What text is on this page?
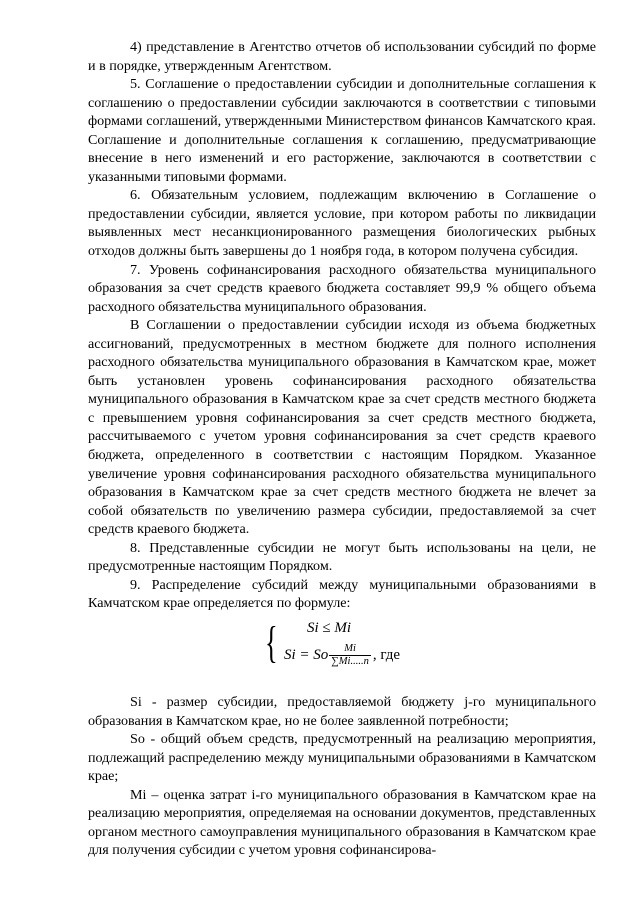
4) представление в Агентство отчетов об использовании субсидий по форме и в порядке, утвержденным Агентством.

5. Соглашение о предоставлении субсидии и дополнительные соглашения к соглашению о предоставлении субсидии заключаются в соответствии с типовыми формами соглашений, утвержденными Министерством финансов Камчатского края. Соглашение и дополнительные соглашения к соглашению, предусматривающие внесение в него изменений и его расторжение, заключаются в соответствии с указанными типовыми формами.

6. Обязательным условием, подлежащим включению в Соглашение о предоставлении субсидии, является условие, при котором работы по ликвидации выявленных мест несанкционированного размещения биологических рыбных отходов должны быть завершены до 1 ноября года, в котором получена субсидия.

7. Уровень софинансирования расходного обязательства муниципального образования за счет средств краевого бюджета составляет 99,9 % общего объема расходного обязательства муниципального образования.

В Соглашении о предоставлении субсидии исходя из объема бюджетных ассигнований, предусмотренных в местном бюджете для полного исполнения расходного обязательства муниципального образования в Камчатском крае, может быть установлен уровень софинансирования расходного обязательства муниципального образования в Камчатском крае за счет средств местного бюджета с превышением уровня софинансирования за счет средств местного бюджета, рассчитываемого с учетом уровня софинансирования за счет средств краевого бюджета, определенного в соответствии с настоящим Порядком. Указанное увеличение уровня софинансирования расходного обязательства муниципального образования в Камчатском крае за счет средств местного бюджета не влечет за собой обязательств по увеличению размера субсидии, предоставляемой за счет средств краевого бюджета.

8. Представленные субсидии не могут быть использованы на цели, не предусмотренные настоящим Порядком.

9. Распределение субсидий между муниципальными образованиями в Камчатском крае определяется по формуле:

{ Si ≤ Mi
Si = So $\frac{Mi}{\sum Mi.....n}$ , где

Si - размер субсидии, предоставляемой бюджету j-го муниципального образования в Камчатском крае, но не более заявленной потребности;

So - общий объем средств, предусмотренный на реализацию мероприятия, подлежащий распределению между муниципальными образованиями в Камчатском крае;

Mi – оценка затрат i-го муниципального образования в Камчатском крае на реализацию мероприятия, определяемая на основании документов, представленных органом местного самоуправления муниципального образования в Камчатском крае для получения субсидии с учетом уровня софинансирова-
